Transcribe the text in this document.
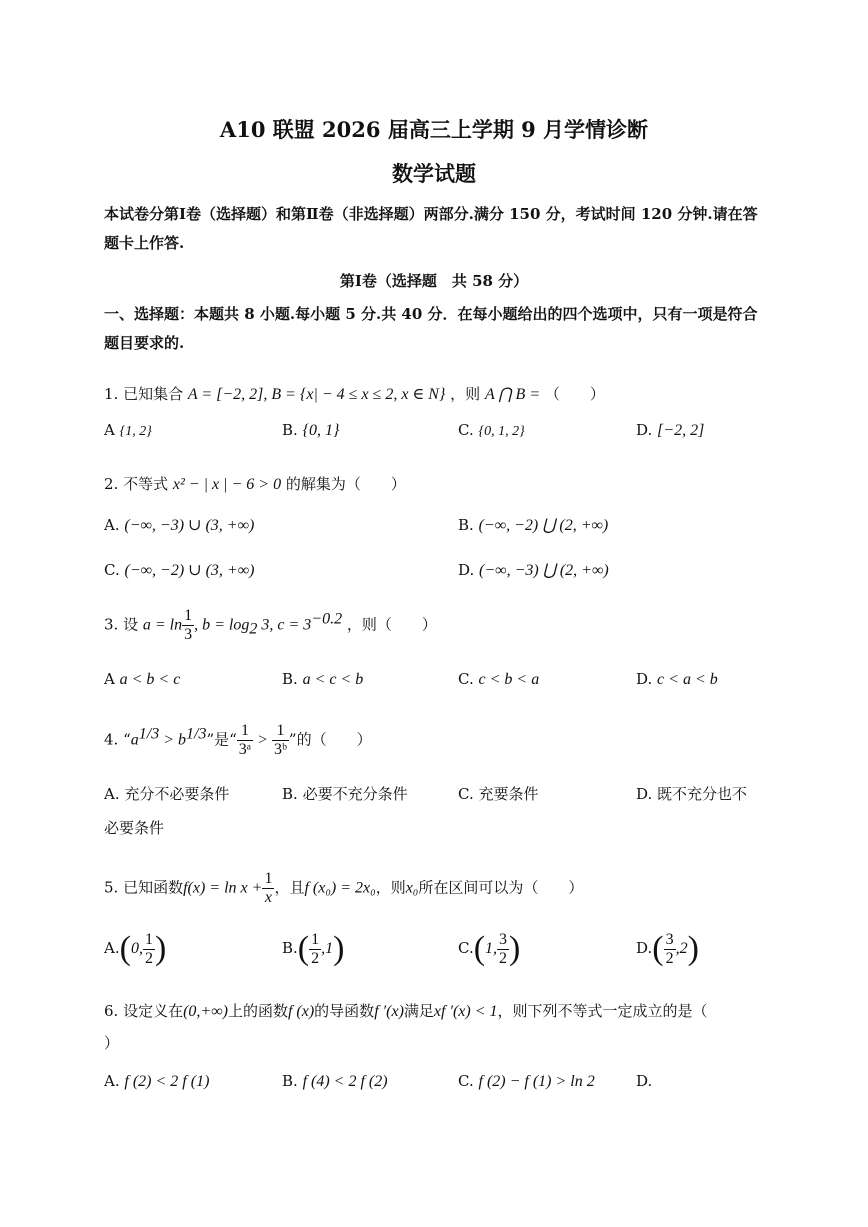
A10 联盟 2026 届高三上学期 9 月学情诊断
数学试题
本试卷分第Ⅰ卷（选择题）和第Ⅱ卷（非选择题）两部分.满分 150 分，考试时间 120 分钟.请在答题卡上作答.
第Ⅰ卷（选择题　共 58 分）
一、选择题：本题共 8 小题.每小题 5 分.共 40 分．在每小题给出的四个选项中，只有一项是符合题目要求的.
1. 已知集合 A = [−2, 2], B = {x| − 4 ≤ x ≤ 2, x ∈ N} ，则 A ⋂ B = （　　）
A {1, 2}	B. {0, 1}	C. {0, 1, 2}	D. [−2, 2]
2. 不等式 x² − | x | − 6 > 0 的解集为（　　）
A. (−∞, −3) ∪ (3, +∞)	B. (−∞, −2) ⋃ (2, +∞)
C. (−∞, −2) ∪ (3, +∞)	D. (−∞, −3) ⋃ (2, +∞)
3. 设 $a = \ln \frac{1}{3}$ , $b = \log_2 3$, $c = 3^{-0.2}$ ，则（　　）
A a < b < c	B. a < c < b	C. c < b < a	D. c < a < b
4. “$a^{1/3} > b^{1/3}$”是“ $\frac{1}{\text{3ᵃ}} > \frac{1}{\text{3ᵇ}}$ ”的（　　）
A. 充分不必要条件	B. 必要不充分条件	C. 充要条件	D. 既不充分也不
必要条件
5. 已知函数$f(x) = \ln x + \frac{1}{x}$ ，且f (x₀) = 2x₀，则x₀所在区间可以为（　　）
A.(0, $\frac{1}{2}$ )	$B.( \frac{1}{2} ,1)$	C.(1, $\frac{3}{2}$ )	$D.( \frac{3}{2} ,2)$
6. 设定义在(0,+∞)上的函数f (x)的导函数f ′(x)满足xf ′(x) < 1，则下列不等式一定成立的是（
）
A. f (2) < 2 f (1)	B. f (4) < 2 f (2)	C. f (2) − f (1) > ln 2	D.
